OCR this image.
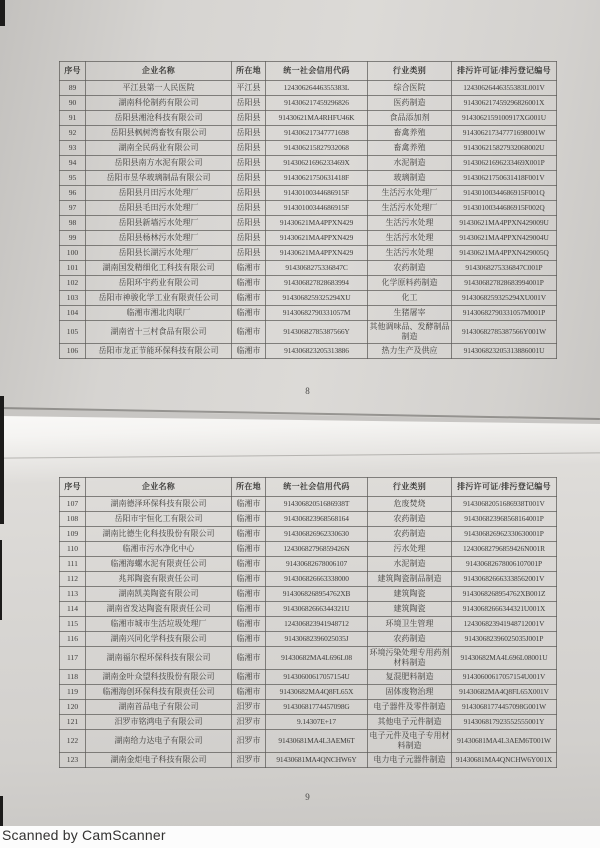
序号	企业名称	所在地	统一社会信用代码	行业类别	排污许可证/排污登记编号
89	平江县第一人民医院	平江县	12430626446355383L	综合医院	12430626446355383L001V
90	湖南科伦制药有限公司	岳阳县	914306217459296826	医药制造	914306217459296826001X
91	岳阳县湘沧科技有限公司	岳阳县	91430621MA4RHFU46K	食品添加剂	9143062159100917XG001U
92	岳阳县枫树湾畜牧有限公司	岳阳县	914306217347771698	畜禽养殖	914306217347771698001W
93	湖南全民码业有限公司	岳阳县	914306215827932068	畜禽养殖	914306215827932068002U
94	岳阳县南方水泥有限公司	岳阳县	91430621696233469X	水泥制造	91430621696233469X001P
95	岳阳市昱华玻璃制品有限公司	岳阳县	91430621750631418F	玻璃制造	91430621750631418F001V
96	岳阳县月田污水处理厂	岳阳县	91430100344686915F	生活污水处理厂	91430100344686915F001Q
97	岳阳县毛田污水处理厂	岳阳县	91430100344686915F	生活污水处理厂	91430100344686915F002Q
98	岳阳县新墙污水处理厂	岳阳县	91430621MA4PPXN429	生活污水处理	91430621MA4PPXN429009U
99	岳阳县杨林污水处理厂	岳阳县	91430621MA4PPXN429	生活污水处理	91430621MA4PPXN429004U
100	岳阳县长湖污水处理厂	岳阳县	91430621MA4PPXN429	生活污水处理	91430621MA4PPXN429005Q
101	湖南国发精细化工科技有限公司	临湘市	9143068275336847C	农药制造	9143068275336847C001P
102	岳阳环宇药业有限公司	临湘市	914306827828683994	化学原料药制造	914306827828683994001P
103	岳阳市神骏化学工业有限责任公司	临湘市	9143068259325294XU	化工	9143068259325294XU001V
104	临湘市湘北肉联厂	临湘市	91430682790331057M	生猪屠宰	91430682790331057M001P
105	湖南省十三村食品有限公司	临湘市	91430682785387566Y	其他调味品、发酵制品制造	91430682785387566Y001W
106	岳阳市龙正节能环保科技有限公司	临湘市	914306823205313886	热力生产及供应	914306823205313886001U
8
序号	企业名称	所在地	统一社会信用代码	行业类别	排污许可证/排污登记编号
107	湖南德泽环保科技有限公司	临湘市	91430682051686938T	危废焚烧	91430682051686938T001V
108	岳阳市宇恒化工有限公司	临湘市	914306823968568164	农药制造	914306823968568164001P
109	湖南比德生化科技股份有限公司	临湘市	914306826962330630	农药制造	914306826962330630001P
110	临湘市污水净化中心	临湘市	12430682796859426N	污水处理	12430682796859426N001R
111	临湘海螺水泥有限责任公司	临湘市	91430682678006107	水泥制造	91430682678006107001P
112	兆邦陶瓷有限责任公司	临湘市	914306826663338000	建筑陶瓷制品制造	914306826663338562001V
113	湖南凯美陶瓷有限公司	临湘市	9143068268954762XB	建筑陶瓷	9143068268954762XB001Z
114	湖南省发达陶瓷有限责任公司	临湘市	91430682666344321U	建筑陶瓷	91430682666344321U001X
115	临湘市城市生活垃圾处理厂	临湘市	124306823941948712	环境卫生管理	124306823941948712001V
116	湖南兴同化学科技有限公司	临湘市	91430682396025035J	农药制造	91430682396025035J001P
117	湖南福尔程环保科技有限公司	临湘市	91430682MA4L696L08	环境污染处理专用药剂材料制造	91430682MA4L696L08001U
118	湖南金叶众望科技股份有限公司	临湘市	91430600617057154U	复混肥料制造	91430600617057154U001V
119	临湘海创环保科技有限责任公司	临湘市	91430682MA4Q8FL65X	固体废物治理	91430682MA4Q8FL65X001V
120	湖南首品电子有限公司	汨罗市	91430681774457098G	电子器件及零件制造	91430681774457098G001W
121	汨罗市铭鸿电子有限公司	汨罗市	9.14307E+17	其他电子元件制造	914306817923552555001Y
122	湖南给力达电子有限公司	汨罗市	91430681MA4L3AEM6T	电子元件及电子专用材料制造	91430681MA4L3AEM6T001W
123	湖南金炬电子科技有限公司	汨罗市	91430681MA4QNCHW6Y	电力电子元器件制造	91430681MA4QNCHW6Y001X
9
Scanned by CamScanner
